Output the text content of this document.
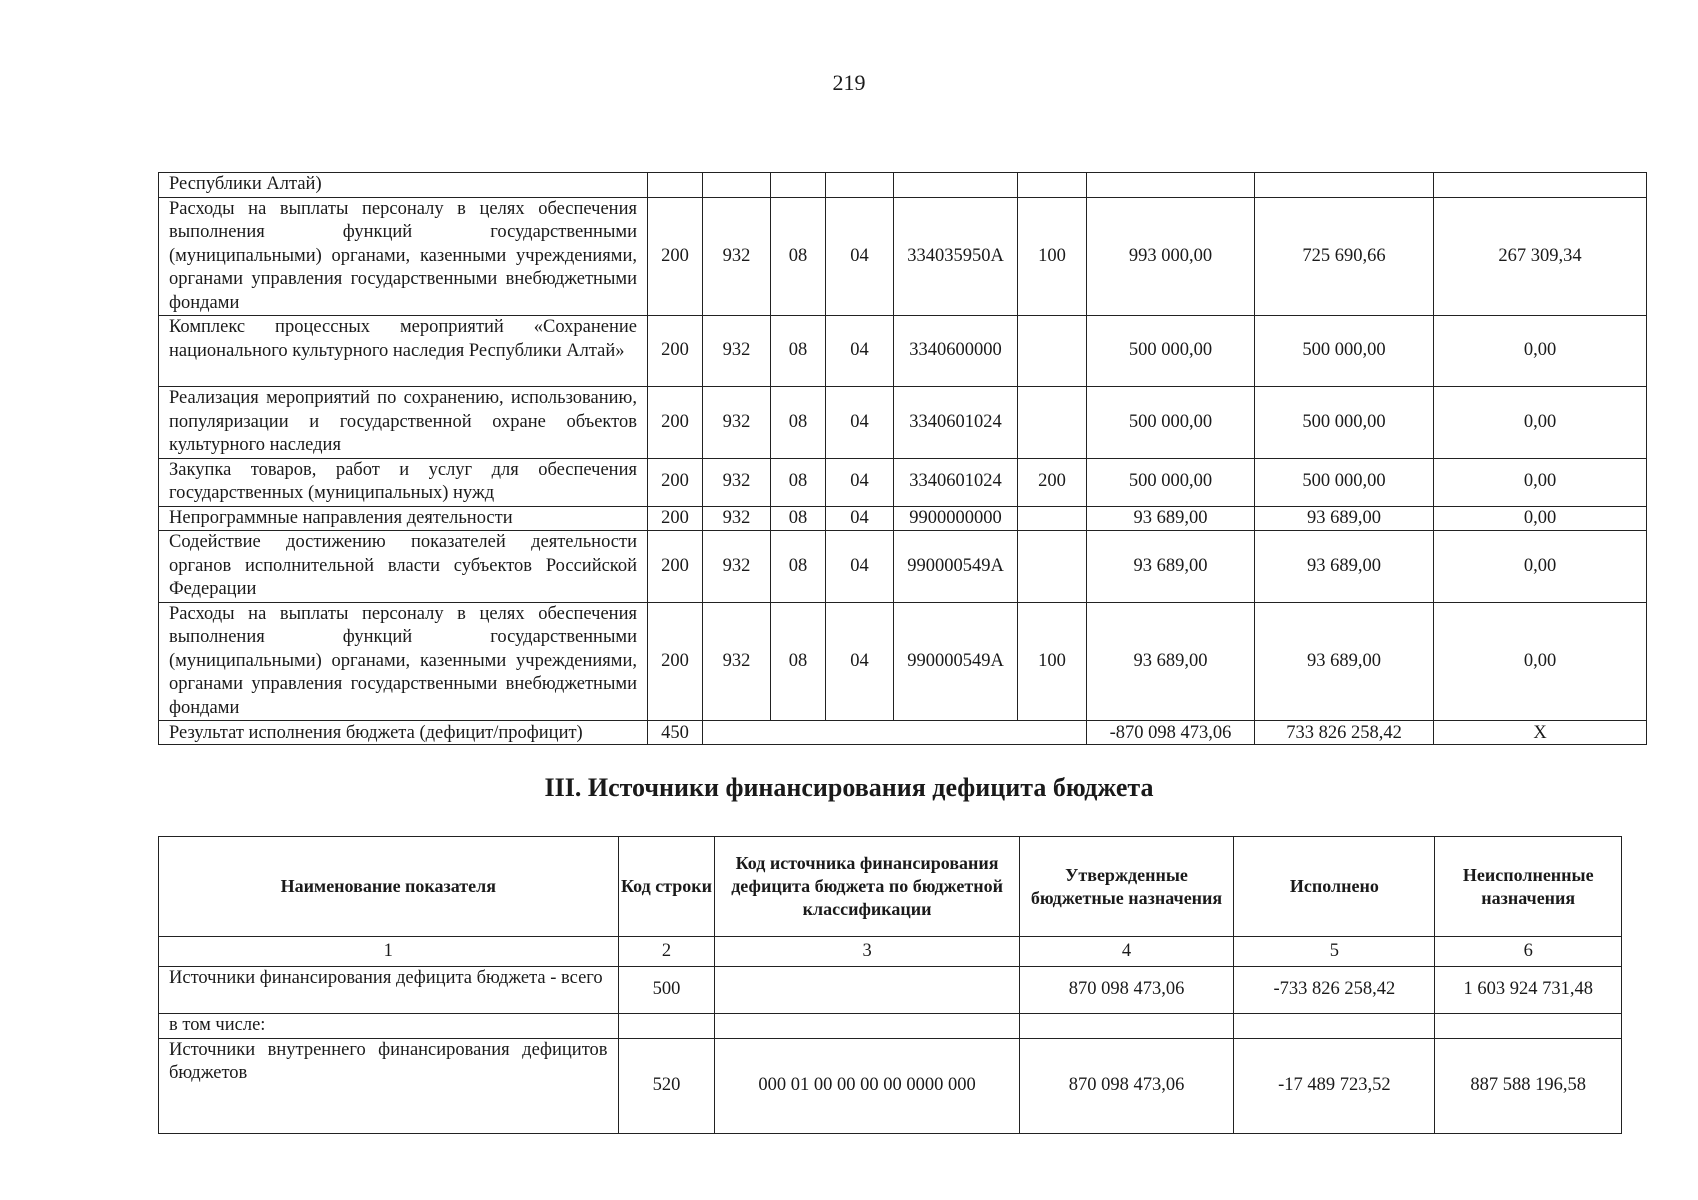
219
Республики Алтай)									
Расходы на выплаты персоналу в целях обеспечения выполнения функций государственными (муниципальными) органами, казенными учреждениями, органами управления государственными внебюджетными фондами	200	932	08	04	334035950A	100	993 000,00	725 690,66	267 309,34
Комплекс процессных мероприятий «Сохранение национального культурного наследия Республики Алтай»	200	932	08	04	3340600000		500 000,00	500 000,00	0,00
Реализация мероприятий по сохранению, использованию, популяризации и государственной охране объектов культурного наследия	200	932	08	04	3340601024		500 000,00	500 000,00	0,00
Закупка товаров, работ и услуг для обеспечения государственных (муниципальных) нужд	200	932	08	04	3340601024	200	500 000,00	500 000,00	0,00
Непрограммные направления деятельности	200	932	08	04	9900000000		93 689,00	93 689,00	0,00
Содействие достижению показателей деятельности органов исполнительной власти субъектов Российской Федерации	200	932	08	04	990000549A		93 689,00	93 689,00	0,00
Расходы на выплаты персоналу в целях обеспечения выполнения функций государственными (муниципальными) органами, казенными учреждениями, органами управления государственными внебюджетными фондами	200	932	08	04	990000549A	100	93 689,00	93 689,00	0,00
Результат исполнения бюджета (дефицит/профицит)	450						-870 098 473,06	733 826 258,42	X
III. Источники финансирования дефицита бюджета
Наименование показателя	Код строки	Код источника финансирования дефицита бюджета по бюджетной классификации	Утвержденные бюджетные назначения	Исполнено	Неисполненные назначения
1	2	3	4	5	6
Источники финансирования дефицита бюджета - всего	500		870 098 473,06	-733 826 258,42	1 603 924 731,48
в том числе:					
Источники внутреннего финансирования дефицитов бюджетов	520	000 01 00 00 00 00 0000 000	870 098 473,06	-17 489 723,52	887 588 196,58
